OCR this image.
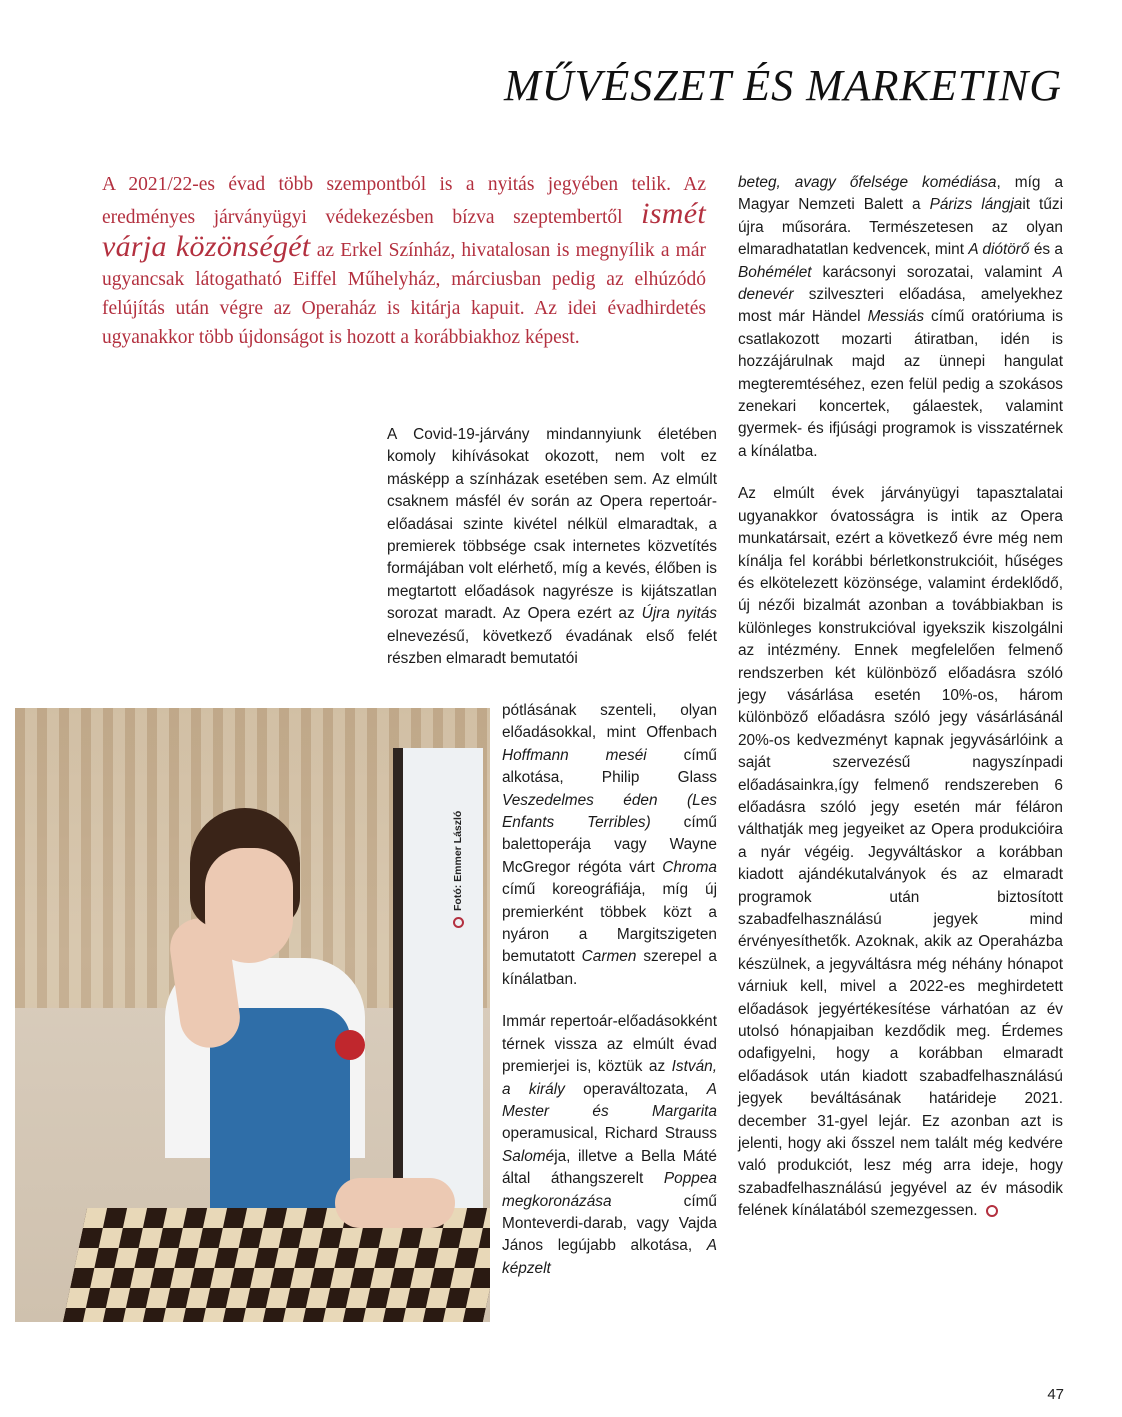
MŰVÉSZET ÉS MARKETING

A 2021/22-es évad több szempontból is a nyitás jegyében telik. Az eredményes járványügyi védekezésben bízva szeptembertől ismét várja közönségét az Erkel Színház, hivatalosan is megnyílik a már ugyancsak látogatható Eiffel Műhelyház, márciusban pedig az elhúzódó felújítás után végre az Operaház is kitárja kapuit. Az idei évadhirdetés ugyanakkor több újdonságot is hozott a korábbiakhoz képest.

A Covid-19-járvány mindannyiunk életében komoly kihívásokat okozott, nem volt ez másképp a színházak esetében sem. Az elmúlt csaknem másfél év során az Opera repertoár-előadásai szinte kivétel nélkül elmaradtak, a premierek többsége csak internetes közvetítés formájában volt elérhető, míg a kevés, élőben is megtartott előadások nagyrésze is kijátszatlan sorozat maradt. Az Opera ezért az Újra nyitás elnevezésű, következő évadának első felét részben elmaradt bemutatói

pótlásának szenteli, olyan előadásokkal, mint Offenbach Hoffmann meséi című alkotása, Philip Glass Veszedelmes éden (Les Enfants Terribles) című balettoperája vagy Wayne McGregor régóta várt Chroma című koreográfiája, míg új premierként többek közt a nyáron a Margitszigeten bemutatott Carmen szerepel a kínálatban.

Immár repertoár-előadásokként térnek vissza az elmúlt évad premierjei is, köztük az István, a király operaváltozata, A Mester és Margarita operamusical, Richard Strauss Saloméja, illetve a Bella Máté által áthangszerelt Poppea megkoronázása című Monteverdi-darab, vagy Vajda János legújabb alkotása, A képzelt

beteg, avagy őfelsége komédiása, míg a Magyar Nemzeti Balett a Párizs lángjait tűzi újra műsorára. Természetesen az olyan elmaradhatatlan kedvencek, mint A diótörő és a Bohémélet karácsonyi sorozatai, valamint A denevér szilveszteri előadása, amelyekhez most már Händel Messiás című oratóriuma is csatlakozott mozarti átiratban, idén is hozzájárulnak majd az ünnepi hangulat megteremtéséhez, ezen felül pedig a szokásos zenekari koncertek, gálaestek, valamint gyermek- és ifjúsági programok is visszatérnek a kínálatba.

Az elmúlt évek járványügyi tapasztalatai ugyanakkor óvatosságra is intik az Opera munkatársait, ezért a következő évre még nem kínálja fel korábbi bérletkonstrukcióit, hűséges és elkötelezett közönsége, valamint érdeklődő, új nézői bizalmát azonban a továbbiakban is különleges konstrukcióval igyekszik kiszolgálni az intézmény. Ennek megfelelően felmenő rendszerben két különböző előadásra szóló jegy vásárlása esetén 10%-os, három különböző előadásra szóló jegy vásárlásánál 20%-os kedvezményt kapnak jegyvásárlóink a saját szervezésű nagyszínpadi előadásainkra,így felmenő rendszereben 6 előadásra szóló jegy esetén már féláron válthatják meg jegyeiket az Opera produkcióira a nyár végéig. Jegyváltáskor a korábban kiadott ajándékutalványok és az elmaradt programok után biztosított szabadfelhasználású jegyek mind érvényesíthetők. Azoknak, akik az Operaházba készülnek, a jegyváltásra még néhány hónapot várniuk kell, mivel a 2022-es meghirdetett előadások jegyértékesítése várhatóan az év utolsó hónapjaiban kezdődik meg. Érdemes odafigyelni, hogy a korábban elmaradt előadások után kiadott szabadfelhasználású jegyek beváltásának határideje 2021. december 31-gyel lejár. Ez azonban azt is jelenti, hogy aki ősszel nem talált még kedvére való produkciót, lesz még arra ideje, hogy szabadfelhasználású jegyével az év második felének kínálatából szemezgessen.

Fotó: Emmer László
47
